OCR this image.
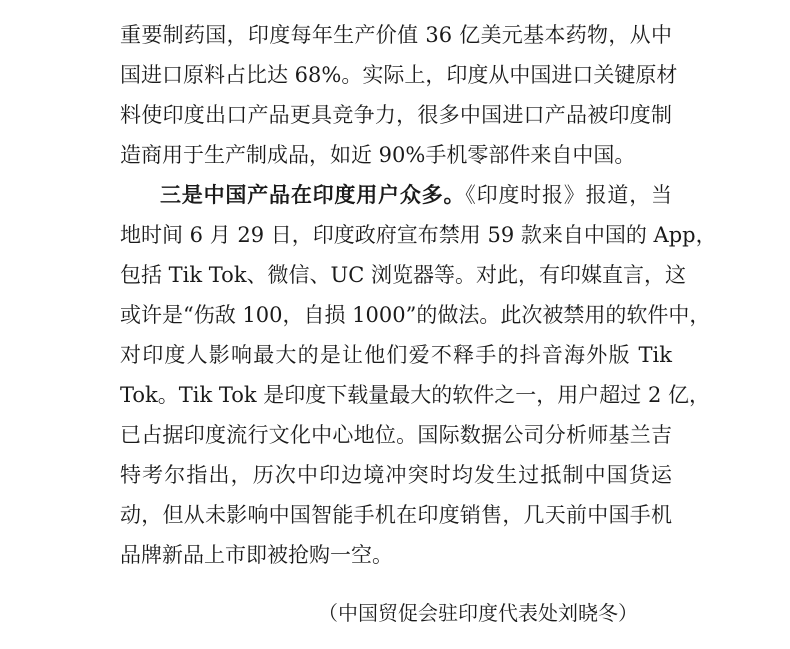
重要制药国，印度每年生产价值 36 亿美元基本药物，从中
国进口原料占比达 68%。实际上，印度从中国进口关键原材
料使印度出口产品更具竞争力，很多中国进口产品被印度制
造商用于生产制成品，如近 90%手机零部件来自中国。
三是中国产品在印度用户众多。《印度时报》报道，当
地时间 6 月 29 日，印度政府宣布禁用 59 款来自中国的 App，
包括 Tik Tok、微信、UC 浏览器等。对此，有印媒直言，这
或许是“伤敌 100，自损 1000”的做法。此次被禁用的软件中，
对印度人影响最大的是让他们爱不释手的抖音海外版 Tik
Tok。Tik Tok 是印度下载量最大的软件之一，用户超过 2 亿，
已占据印度流行文化中心地位。国际数据公司分析师基兰吉
特考尔指出，历次中印边境冲突时均发生过抵制中国货运
动，但从未影响中国智能手机在印度销售，几天前中国手机
品牌新品上市即被抢购一空。
（中国贸促会驻印度代表处刘晓冬）
